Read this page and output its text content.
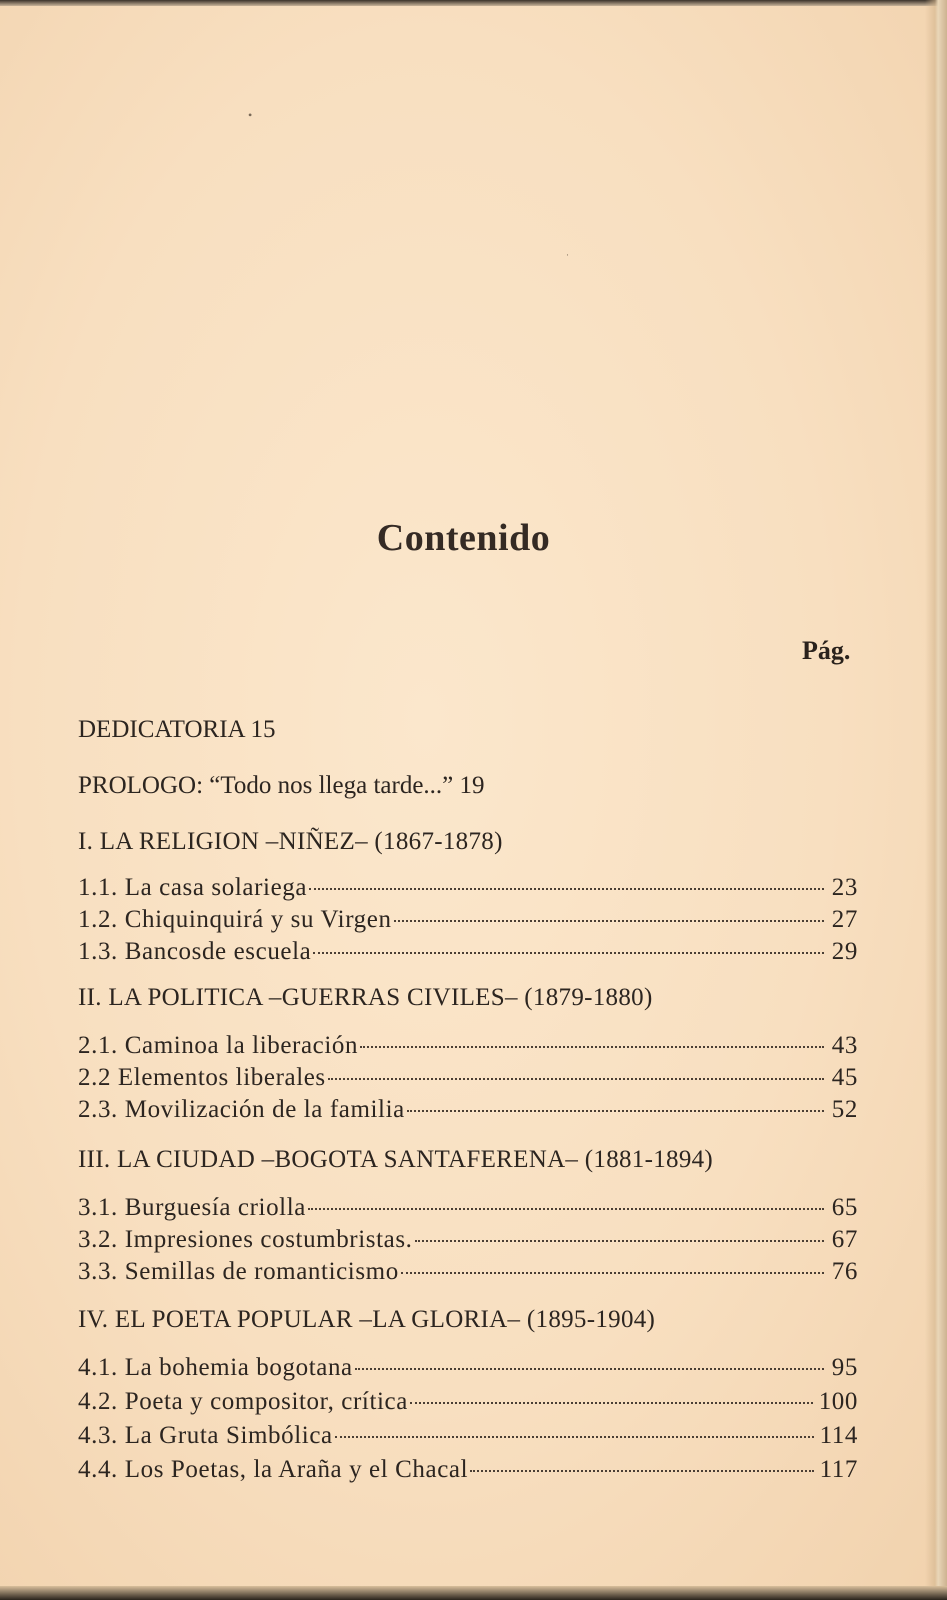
•
·
Contenido
Pág.
DEDICATORIA 15
PROLOGO: “Todo nos llega tarde...” 19
I. LA RELIGION –NIÑEZ– (1867-1878)
1.1. La casa solariega	23
1.2. Chiquinquirá y su Virgen	27
1.3. Bancosde escuela	29
II. LA POLITICA –GUERRAS CIVILES– (1879-1880)
2.1. Caminoa la liberación	43
2.2 Elementos liberales	45
2.3. Movilización de la familia	52
III. LA CIUDAD –BOGOTA SANTAFERENA– (1881-1894)
3.1. Burguesía criolla	65
3.2. Impresiones costumbristas.	67
3.3. Semillas de romanticismo	76
IV. EL POETA POPULAR –LA GLORIA– (1895-1904)
4.1. La bohemia bogotana	95
4.2. Poeta y compositor, crítica	100
4.3. La Gruta Simbólica	114
4.4. Los Poetas, la Araña y el Chacal	117
